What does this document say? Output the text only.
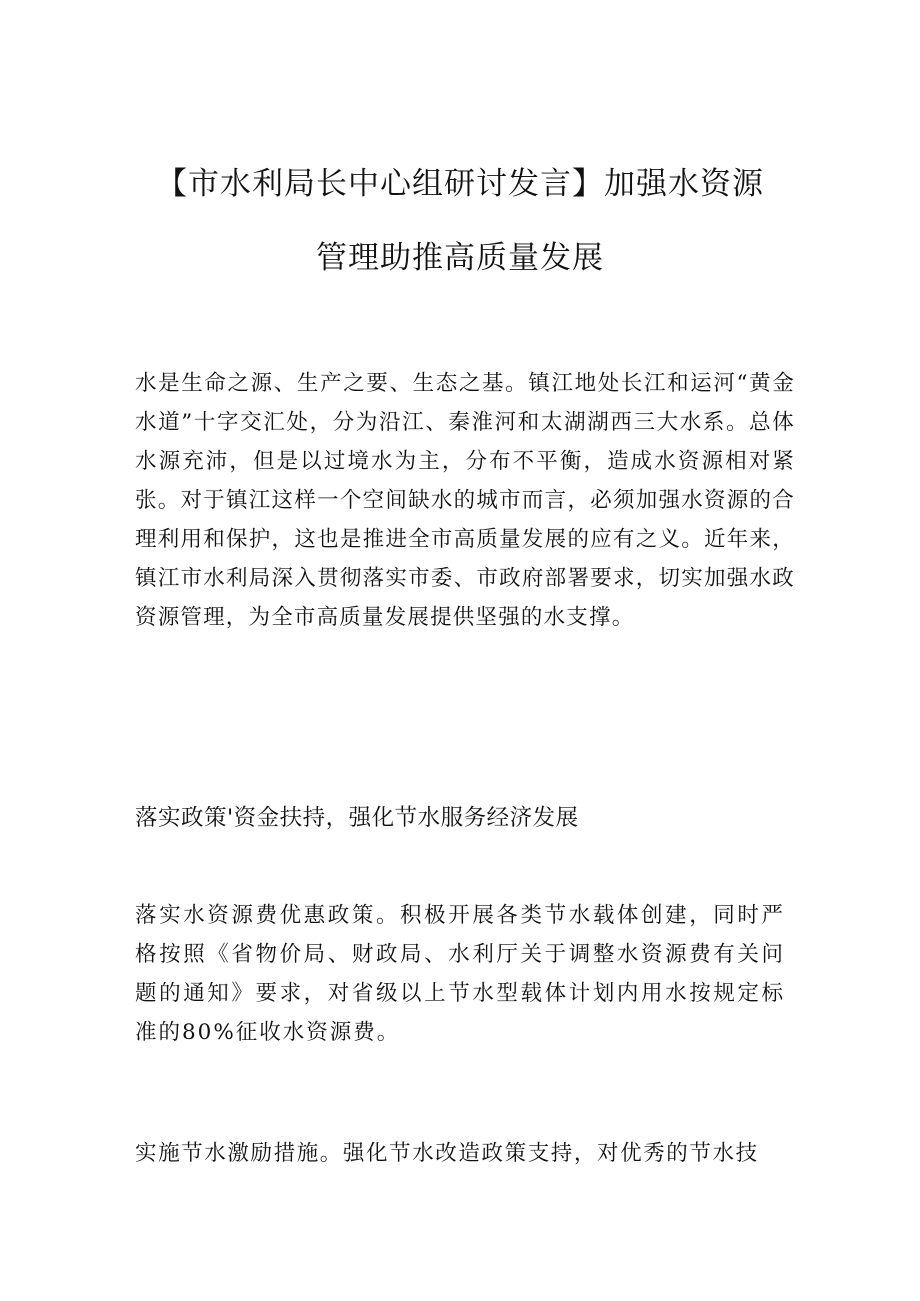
【市水利局长中心组研讨发言】加强水资源
管理助推高质量发展

水是生命之源、生产之要、生态之基。镇江地处长江和运河“黄金水道”十字交汇处，分为沿江、秦淮河和太湖湖西三大水系。总体水源充沛，但是以过境水为主，分布不平衡，造成水资源相对紧张。对于镇江这样一个空间缺水的城市而言，必须加强水资源的合理利用和保护，这也是推进全市高质量发展的应有之义。近年来，镇江市水利局深入贯彻落实市委、市政府部署要求，切实加强水政资源管理，为全市高质量发展提供坚强的水支撑。

落实政策'资金扶持，强化节水服务经济发展

落实水资源费优惠政策。积极开展各类节水载体创建，同时严格按照《省物价局、财政局、水利厅关于调整水资源费有关问题的通知》要求，对省级以上节水型载体计划内用水按规定标准的80%征收水资源费。

实施节水激励措施。强化节水改造政策支持，对优秀的节水技
